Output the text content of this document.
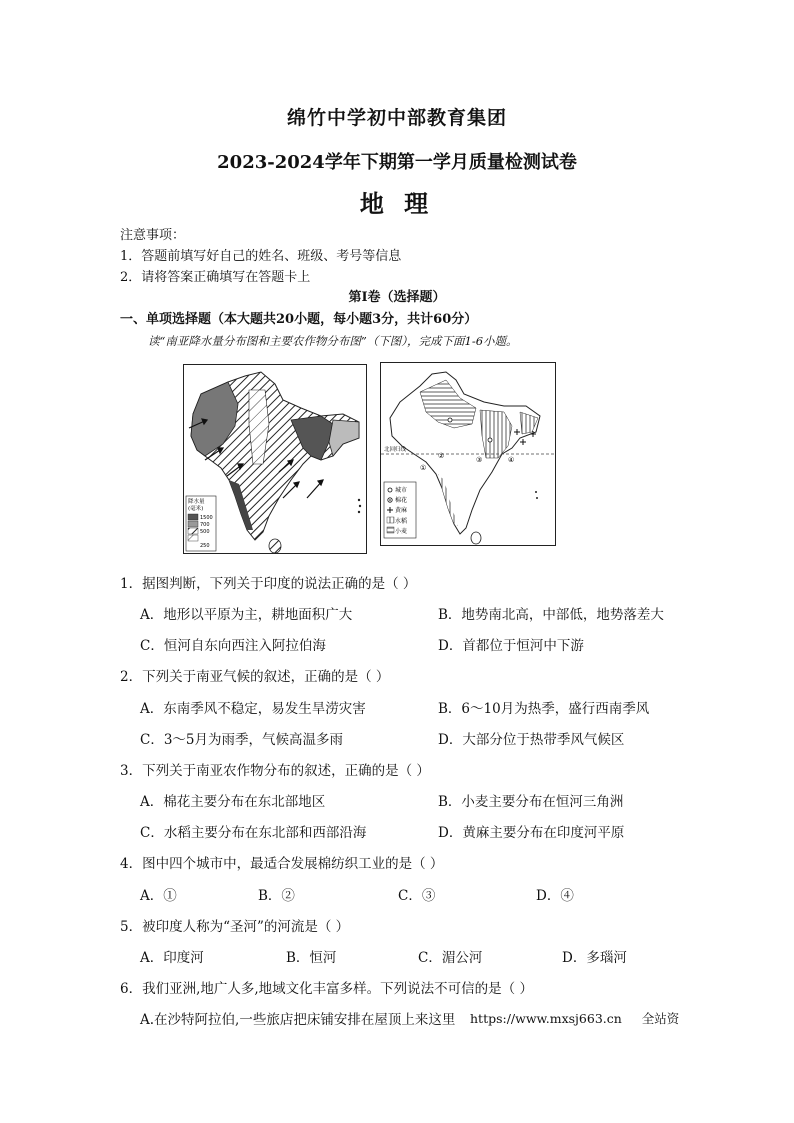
绵竹中学初中部教育集团
2023-2024学年下期第一学月质量检测试卷
地 理
注意事项：
1．答题前填写好自己的姓名、班级、考号等信息
2．请将答案正确填写在答题卡上
第I卷（选择题）
一、单项选择题（本大题共20小题，每小题3分，共计60分）
读“南亚降水量分布图和主要农作物分布图”（下图），完成下面1-6小题。
降水量
(毫米)
1500
700
500
250
北回归线
①
②	③	④
城市
棉花
黄麻
水稻
小麦
1．据图判断，下列关于印度的说法正确的是（ ）
A．地形以平原为主，耕地面积广大	B．地势南北高，中部低，地势落差大
C．恒河自东向西注入阿拉伯海	D．首都位于恒河中下游
2．下列关于南亚气候的叙述，正确的是（ ）
A．东南季风不稳定，易发生旱涝灾害	B．6～10月为热季，盛行西南季风
C．3～5月为雨季，气候高温多雨	D．大部分位于热带季风气候区
3．下列关于南亚农作物分布的叙述，正确的是（ ）
A．棉花主要分布在东北部地区	B．小麦主要分布在恒河三角洲
C．水稻主要分布在东北部和西部沿海	D．黄麻主要分布在印度河平原
4．图中四个城市中，最适合发展棉纺织工业的是（ ）
A．①	B．②	C．③	D．④
5．被印度人称为“圣河”的河流是（ ）
A．印度河	B．恒河	C．湄公河	D．多瑙河
6．我们亚洲,地广人多,地域文化丰富多样。下列说法不可信的是（ ）
A.在沙特阿拉伯,一些旅店把床铺安排在屋顶上来这里 https://www.mxsj663.cn 全站资
